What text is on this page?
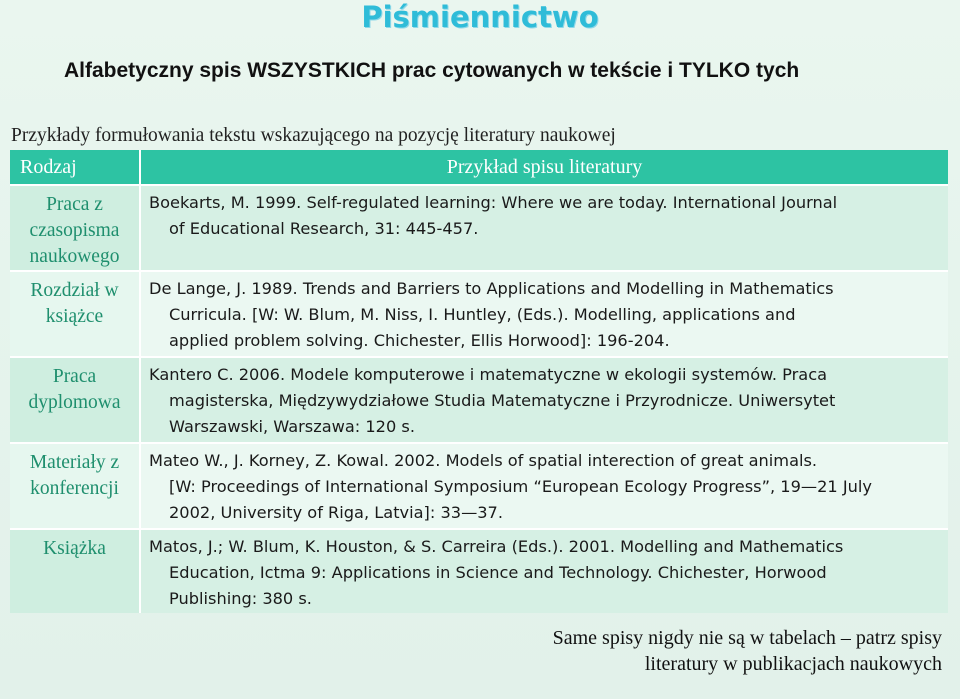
Piśmiennictwo
Alfabetyczny spis WSZYSTKICH prac cytowanych w tekście i TYLKO tych
Przykłady formułowania tekstu wskazującego na pozycję literatury naukowej
Rodzaj	Przykład spisu literatury
Praca z czasopisma naukowego	Boekarts, M. 1999. Self-regulated learning: Where we are today. International Journal
of Educational Research, 31: 445-457.

Rozdział w książce	De Lange, J. 1989. Trends and Barriers to Applications and Modelling in Mathematics
Curricula. [W: W. Blum, M. Niss, I. Huntley, (Eds.). Modelling, applications and
applied problem solving. Chichester, Ellis Horwood]: 196-204.

Praca dyplomowa	Kantero C. 2006. Modele komputerowe i matematyczne w ekologii systemów. Praca
magisterska, Międzywydziałowe Studia Matematyczne i Przyrodnicze. Uniwersytet
Warszawski, Warszawa: 120 s.

Materiały z konferencji	Mateo W., J. Korney, Z. Kowal. 2002. Models of spatial interection of great animals.
[W: Proceedings of International Symposium “European Ecology Progress”, 19—21 July
2002, University of Riga, Latvia]: 33—37.

Książka	Matos, J.; W. Blum, K. Houston, & S. Carreira (Eds.). 2001. Modelling and Mathematics
Education, Ictma 9: Applications in Science and Technology. Chichester, Horwood
Publishing: 380 s.
Same spisy nigdy nie są w tabelach – patrz spisy
literatury w publikacjach naukowych
